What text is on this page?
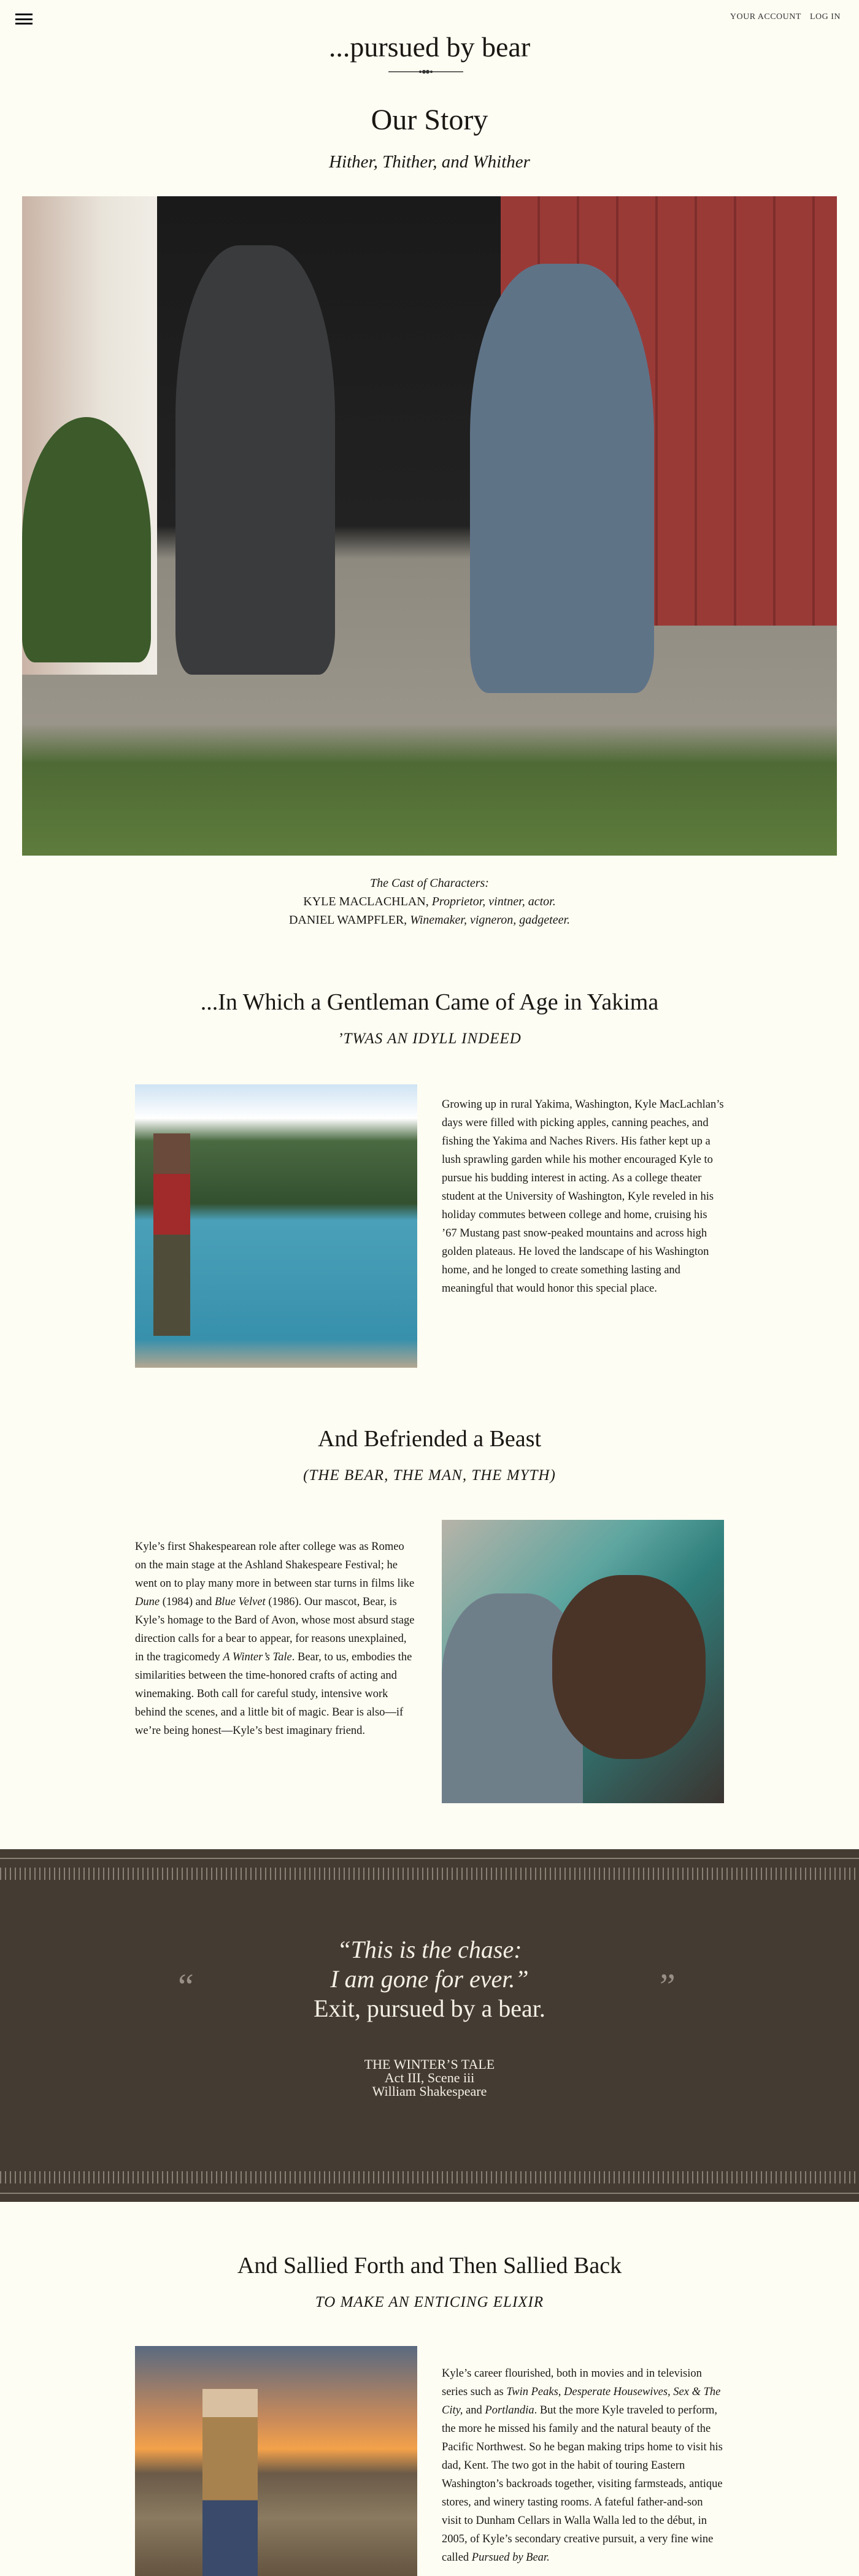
YOUR ACCOUNT LOG IN
...pursued by bear
Our Story
Hither, Thither, and Whither
The Cast of Characters:
KYLE MACLACHLAN, Proprietor, vintner, actor.
DANIEL WAMPFLER, Winemaker, vigneron, gadgeteer.
...In Which a Gentleman Came of Age in Yakima
’TWAS AN IDYLL INDEED

Growing up in rural Yakima, Washington, Kyle MacLachlan’s days were filled with picking apples, canning peaches, and fishing the Yakima and Naches Rivers. His father kept up a lush sprawling garden while his mother encouraged Kyle to pursue his budding interest in acting. As a college theater student at the University of Washington, Kyle reveled in his holiday commutes between college and home, cruising his ’67 Mustang past snow-peaked mountains and across high golden plateaus. He loved the landscape of his Washington home, and he longed to create something lasting and meaningful that would honor this special place.

And Befriended a Beast
(THE BEAR, THE MAN, THE MYTH)

Kyle’s first Shakespearean role after college was as Romeo on the main stage at the Ashland Shakespeare Festival; he went on to play many more in between star turns in films like Dune (1984) and Blue Velvet (1986). Our mascot, Bear, is Kyle’s homage to the Bard of Avon, whose most absurd stage direction calls for a bear to appear, for reasons unexplained, in the tragicomedy A Winter’s Tale. Bear, to us, embodies the similarities between the time-honored crafts of acting and winemaking. Both call for careful study, intensive work behind the scenes, and a little bit of magic. Bear is also—if we’re being honest—Kyle’s best imaginary friend.

“	”
“This is the chase:
I am gone for ever.”
Exit, pursued by a bear.
THE WINTER’S TALE
Act III, Scene iii
William Shakespeare
And Sallied Forth and Then Sallied Back
TO MAKE AN ENTICING ELIXIR

Kyle’s career flourished, both in movies and in television series such as Twin Peaks, Desperate Housewives, Sex & The City, and Portlandia. But the more Kyle traveled to perform, the more he missed his family and the natural beauty of the Pacific Northwest. So he began making trips home to visit his dad, Kent. The two got in the habit of touring Eastern Washington’s backroads together, visiting farmsteads, antique stores, and winery tasting rooms. A fateful father-and-son visit to Dunham Cellars in Walla Walla led to the début, in 2005, of Kyle’s secondary creative pursuit, a very fine wine called Pursued by Bear.
